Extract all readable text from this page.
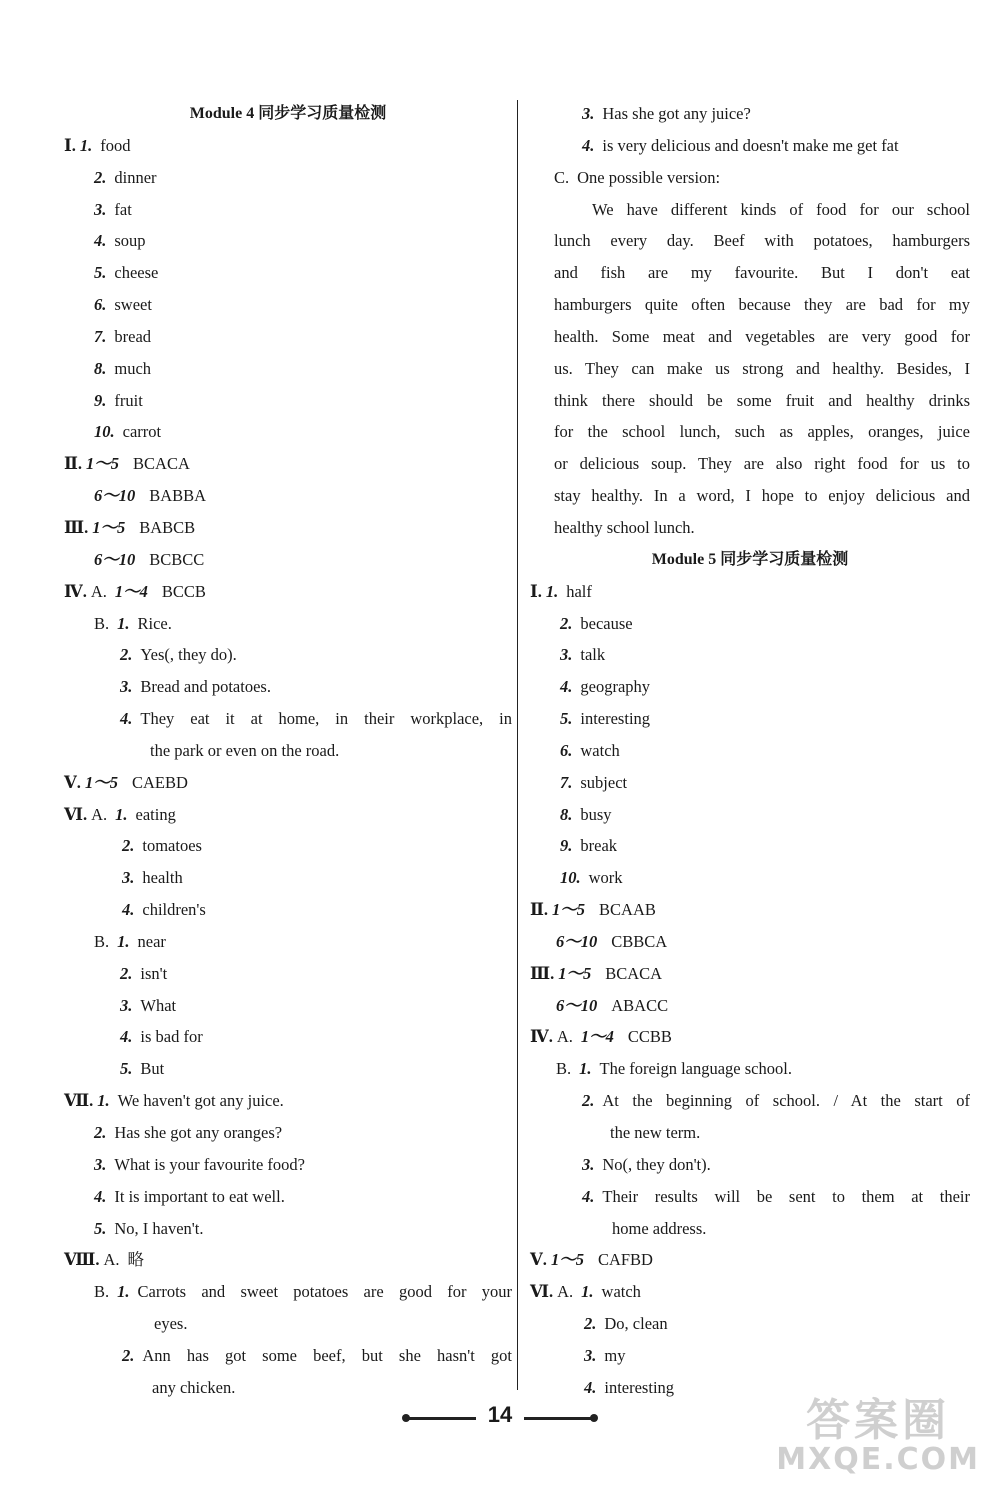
Module 4 同步学习质量检测
Ⅰ. 1. food
2. dinner
3. fat
4. soup
5. cheese
6. sweet
7. bread
8. much
9. fruit
10. carrot
Ⅱ. 1～5 BCACA
6～10 BABBA
Ⅲ. 1～5 BABCB
6～10 BCBCC
Ⅳ. A. 1～4 BCCB
B. 1. Rice.
2. Yes(, they do).
3. Bread and potatoes.
4. They eat it at home, in their workplace, in
the park or even on the road.
Ⅴ. 1～5 CAEBD
Ⅵ. A. 1. eating
2. tomatoes
3. health
4. children's
B. 1. near
2. isn't
3. What
4. is bad for
5. But
Ⅶ. 1. We haven't got any juice.
2. Has she got any oranges?
3. What is your favourite food?
4. It is important to eat well.
5. No, I haven't.
Ⅷ. A. 略
B. 1. Carrots and sweet potatoes are good for your
eyes.
2. Ann has got some beef, but she hasn't got
any chicken.
3. Has she got any juice?
4. is very delicious and doesn't make me get fat
C. One possible version:
We have different kinds of food for our school
lunch every day. Beef with potatoes, hamburgers
and fish are my favourite. But I don't eat
hamburgers quite often because they are bad for my
health. Some meat and vegetables are very good for
us. They can make us strong and healthy. Besides, I
think there should be some fruit and healthy drinks
for the school lunch, such as apples, oranges, juice
or delicious soup. They are also right food for us to
stay healthy. In a word, I hope to enjoy delicious and
healthy school lunch.
Module 5 同步学习质量检测
Ⅰ. 1. half
2. because
3. talk
4. geography
5. interesting
6. watch
7. subject
8. busy
9. break
10. work
Ⅱ. 1～5 BCAAB
6～10 CBBCA
Ⅲ. 1～5 BCACA
6～10 ABACC
Ⅳ. A. 1～4 CCBB
B. 1. The foreign language school.
2. At the beginning of school. / At the start of
the new term.
3. No(, they don't).
4. Their results will be sent to them at their
home address.
Ⅴ. 1～5 CAFBD
Ⅵ. A. 1. watch
2. Do, clean
3. my
4. interesting
14	答案圈
MXQE.COM
